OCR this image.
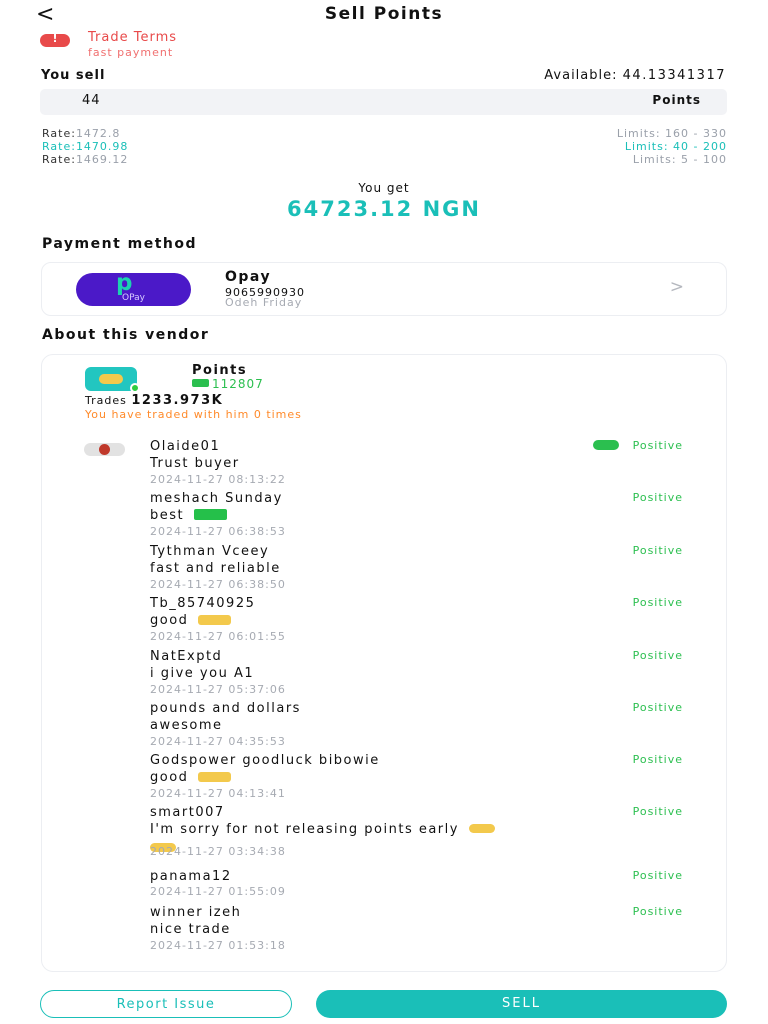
<	Sell Points
!
Trade Terms
fast payment
You sell	Available: 44.13341317
44	Points
Rate:1472.8	Limits: 160 - 330
Rate:1470.98	Limits: 40 - 200
Rate:1469.12	Limits: 5 - 100
You get
64723.12 NGN
Payment method
p
OPay
Opay
9065990930
Odeh Friday
>
About this vendor
Points
112807
Trades 1233.973K
You have traded with him 0 times
Olaide01
Trust buyer
2024-11-27 08:13:22
Positive
meshach Sunday
best
2024-11-27 06:38:53
Positive
Tythman Vceey
fast and reliable
2024-11-27 06:38:50
Positive
Tb_85740925
good
2024-11-27 06:01:55
Positive
NatExptd
i give you A1
2024-11-27 05:37:06
Positive
pounds and dollars
awesome
2024-11-27 04:35:53
Positive
Godspower goodluck bibowie
good
2024-11-27 04:13:41
Positive
smart007
I'm sorry for not releasing points early
2024-11-27 03:34:38
Positive
panama12
2024-11-27 01:55:09
Positive
winner izeh
nice trade
2024-11-27 01:53:18
Positive
Report Issue	SELL
